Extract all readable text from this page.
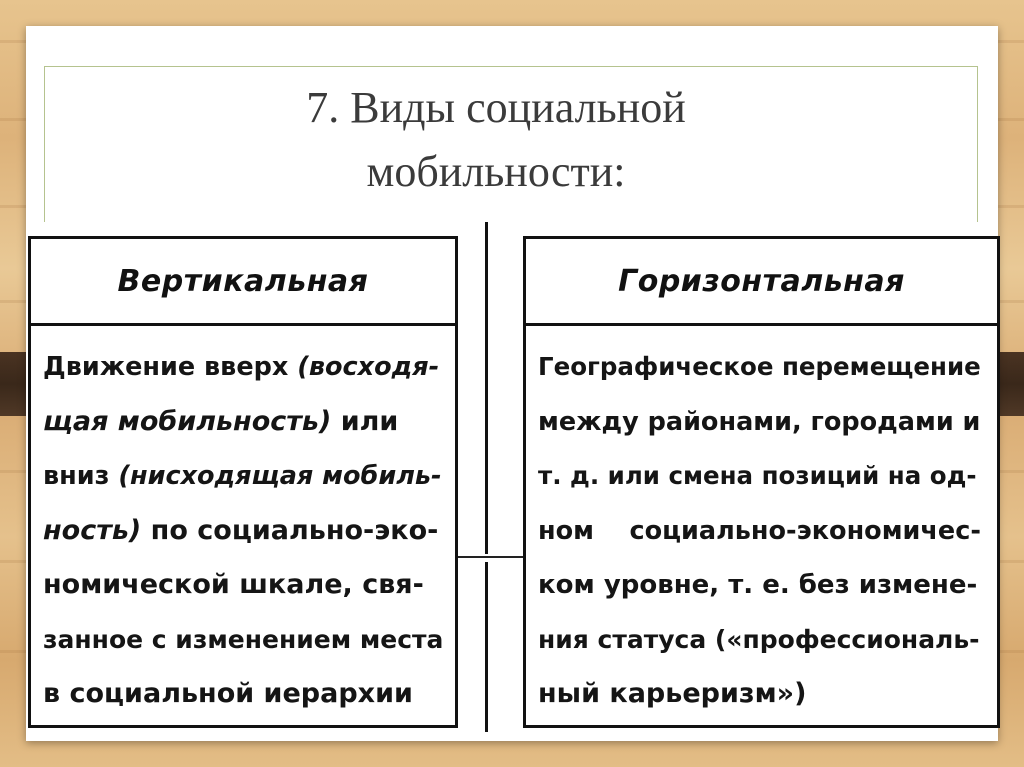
7. Виды социальной
мобильности:
Вертикальная
Движение вверх (восходя-
щая мобильность) или
вниз (нисходящая мобиль-
ность) по социально-эко-
номической шкале, свя-
занное с изменением места
в социальной иерархии
Горизонтальная
Географическое перемещение
между районами, городами и
т. д. или смена позиций на од-
ном    социально-экономичес-
ком уровне, т. е. без измене-
ния статуса («профессиональ-
ный карьеризм»)
